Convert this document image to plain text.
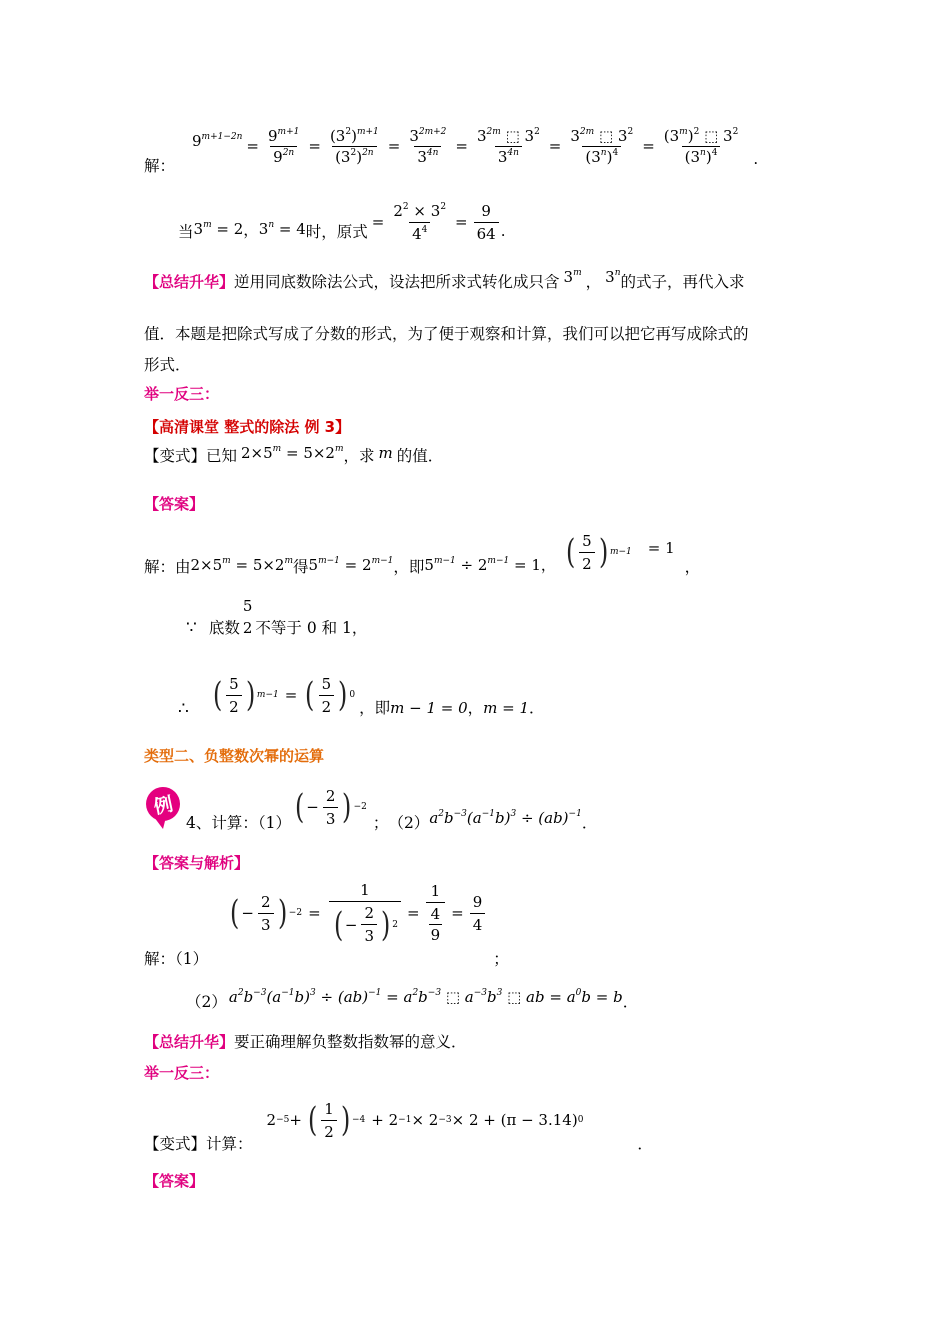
解：
$9^{m+1-2n} = \frac{9^{m+1}}{9^{2n}} = \frac{(3^2)^{m+1}}{(3^2)^{2n}} = \frac{3^{2m+2}}{3^{4n}} = \frac{3^{2m} ⬚ 3^2}{3^{4n}} = \frac{3^{2m} ⬚ 3^2}{(3^n)^4} = \frac{(3^m)^2 ⬚ 3^2}{(3^n)^4}$ .
当 $3^m = 2$ ， $3^n = 4$ 时，原式
= $\frac{2^2 \times 3^2}{4^4} = \frac{9}{64}$ .
【总结升华】 逆用同底数除法公式，设法把所求式转化成只含 3$^m$ ， 3$^n$ 的式子，再代入求
值．本题是把除式写成了分数的形式，为了便于观察和计算，我们可以把它再写成除式的
形式．
举一反三：
【高清课堂 整式的除法 例 3】
【变式】已知 $2\times 5^m = 5\times 2^m$ ，求 m 的值．
【答案】
解：由 $2\times 5^m = 5\times 2^m$ 得 $5^{m-1} = 2^{m-1}$ ，即 $5^{m-1} \div 2^{m-1} = 1$， ( $\frac{5}{2}$ ) m−1 = 1
，
∵ 底数
5
2 不等于 0 和 1，
∴ ( $\frac{5}{2}$ ) m−1 = ( $\frac{5}{2}$ ) 0
，即 m − 1 = 0 ， m = 1 ．
类型二、负整数次幂的运算
例
4、计算：（1） ( − $\frac{2}{3}$ ) −2
； （2） $a^2b^{-3}(a^{-1}b)^3 \div (ab)^{-1}$ ．
【答案与解析】
解：（1）
( − $\frac{2}{3}$ ) $-2 = \frac{1}{( - \frac{2}{3} ) 2} = 1$
4
$9 = \frac{9}{4}$
；
（2） $a^2b^{-3}(a^{-1}b)^3 \div (ab)^{-1} = a^2b^{-3}$ ⬚ $a^{-3}b^3$ ⬚ ab = $a^0b = b$ ．
【总结升华】 要正确理解负整数指数幂的意义．
举一反三：
【变式】计算：
2 −5 + ( $\frac{1}{2}$ ) −4 + 2 −1 × 2 −3 × 2 + (π − 3.14) 0
．
【答案】
